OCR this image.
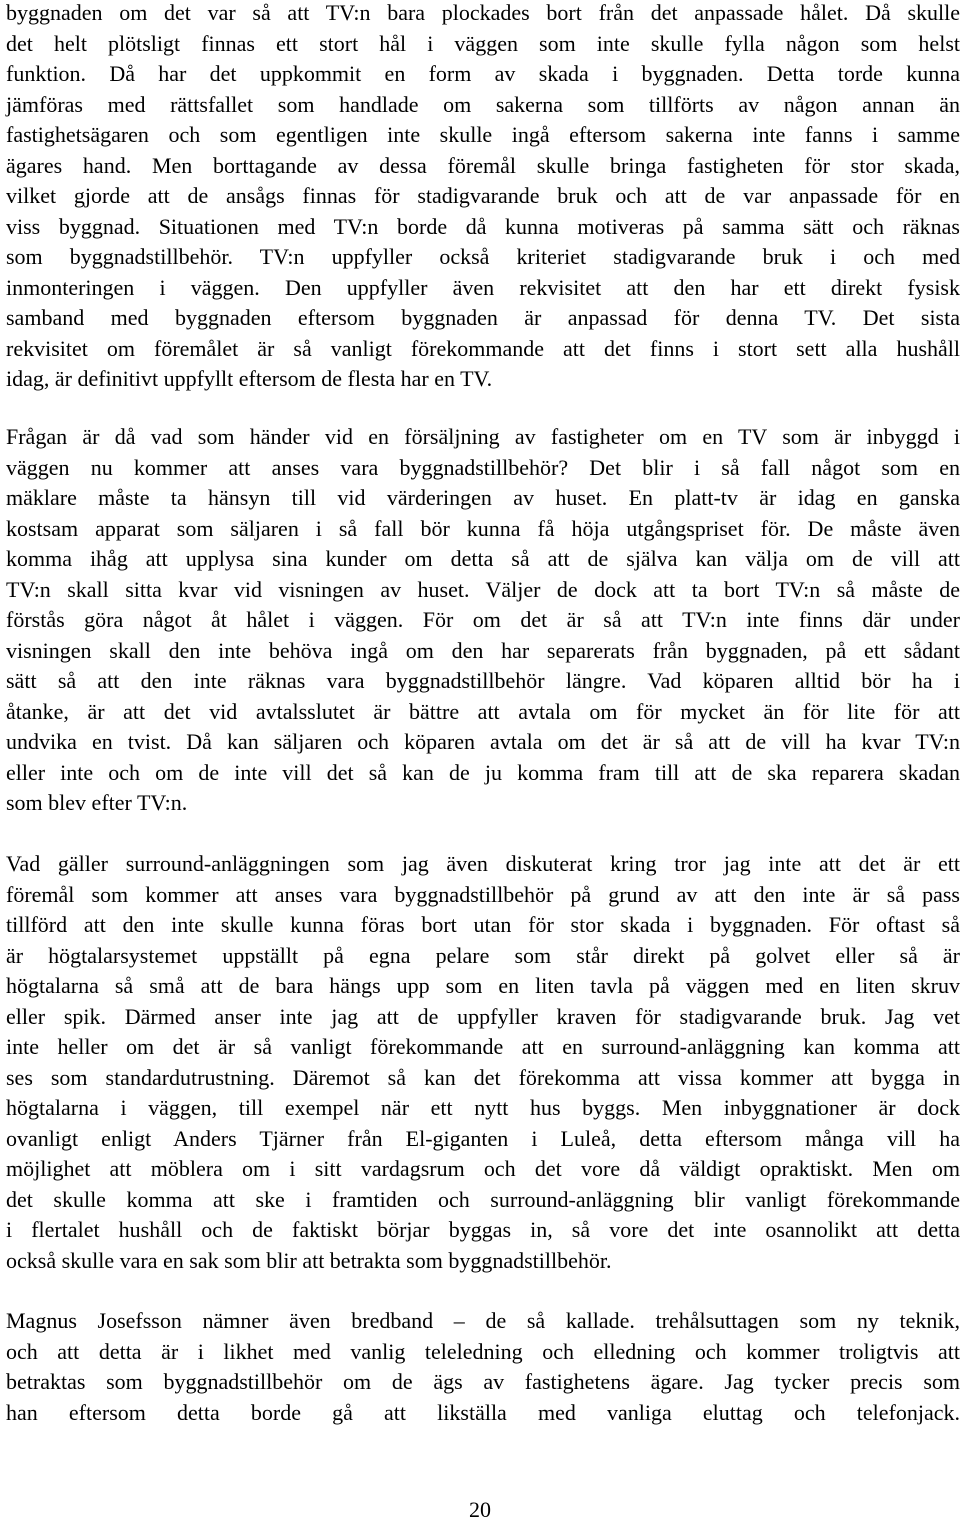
byggnaden om det var så att TV:n bara plockades bort från det anpassade hålet. Då skulle
det helt plötsligt finnas ett stort hål i väggen som inte skulle fylla någon som helst
funktion. Då har det uppkommit en form av skada i byggnaden. Detta torde kunna
jämföras med rättsfallet som handlade om sakerna som tillförts av någon annan än
fastighetsägaren och som egentligen inte skulle ingå eftersom sakerna inte fanns i samme
ägares hand. Men borttagande av dessa föremål skulle bringa fastigheten för stor skada,
vilket gjorde att de ansågs finnas för stadigvarande bruk och att de var anpassade för en
viss byggnad. Situationen med TV:n borde då kunna motiveras på samma sätt och räknas
som byggnadstillbehör. TV:n uppfyller också kriteriet stadigvarande bruk i och med
inmonteringen i väggen. Den uppfyller även rekvisitet att den har ett direkt fysisk
samband med byggnaden eftersom byggnaden är anpassad för denna TV. Det sista
rekvisitet om föremålet är så vanligt förekommande att det finns i stort sett alla hushåll
idag, är definitivt uppfyllt eftersom de flesta har en TV.
Frågan är då vad som händer vid en försäljning av fastigheter om en TV som är inbyggd i
väggen nu kommer att anses vara byggnadstillbehör? Det blir i så fall något som en
mäklare måste ta hänsyn till vid värderingen av huset. En platt-tv är idag en ganska
kostsam apparat som säljaren i så fall bör kunna få höja utgångspriset för. De måste även
komma ihåg att upplysa sina kunder om detta så att de själva kan välja om de vill att
TV:n skall sitta kvar vid visningen av huset. Väljer de dock att ta bort TV:n så måste de
förstås göra något åt hålet i väggen. För om det är så att TV:n inte finns där under
visningen skall den inte behöva ingå om den har separerats från byggnaden, på ett sådant
sätt så att den inte räknas vara byggnadstillbehör längre. Vad köparen alltid bör ha i
åtanke, är att det vid avtalsslutet är bättre att avtala om för mycket än för lite för att
undvika en tvist. Då kan säljaren och köparen avtala om det är så att de vill ha kvar TV:n
eller inte och om de inte vill det så kan de ju komma fram till att de ska reparera skadan
som blev efter TV:n.
Vad gäller surround-anläggningen som jag även diskuterat kring tror jag inte att det är ett
föremål som kommer att anses vara byggnadstillbehör på grund av att den inte är så pass
tillförd att den inte skulle kunna föras bort utan för stor skada i byggnaden. För oftast så
är högtalarsystemet uppställt på egna pelare som står direkt på golvet eller så är
högtalarna så små att de bara hängs upp som en liten tavla på väggen med en liten skruv
eller spik. Därmed anser inte jag att de uppfyller kraven för stadigvarande bruk. Jag vet
inte heller om det är så vanligt förekommande att en surround-anläggning kan komma att
ses som standardutrustning. Däremot så kan det förekomma att vissa kommer att bygga in
högtalarna i väggen, till exempel när ett nytt hus byggs. Men inbyggnationer är dock
ovanligt enligt Anders Tjärner från El-giganten i Luleå, detta eftersom många vill ha
möjlighet att möblera om i sitt vardagsrum och det vore då väldigt opraktiskt. Men om
det skulle komma att ske i framtiden och surround-anläggning blir vanligt förekommande
i flertalet hushåll och de faktiskt börjar byggas in, så vore det inte osannolikt att detta
också skulle vara en sak som blir att betrakta som byggnadstillbehör.
Magnus Josefsson nämner även bredband – de så kallade. trehålsuttagen som ny teknik,
och att detta är i likhet med vanlig teleledning och elledning och kommer troligtvis att
betraktas som byggnadstillbehör om de ägs av fastighetens ägare. Jag tycker precis som
han eftersom detta borde gå att likställa med vanliga eluttag och telefonjack.
20
